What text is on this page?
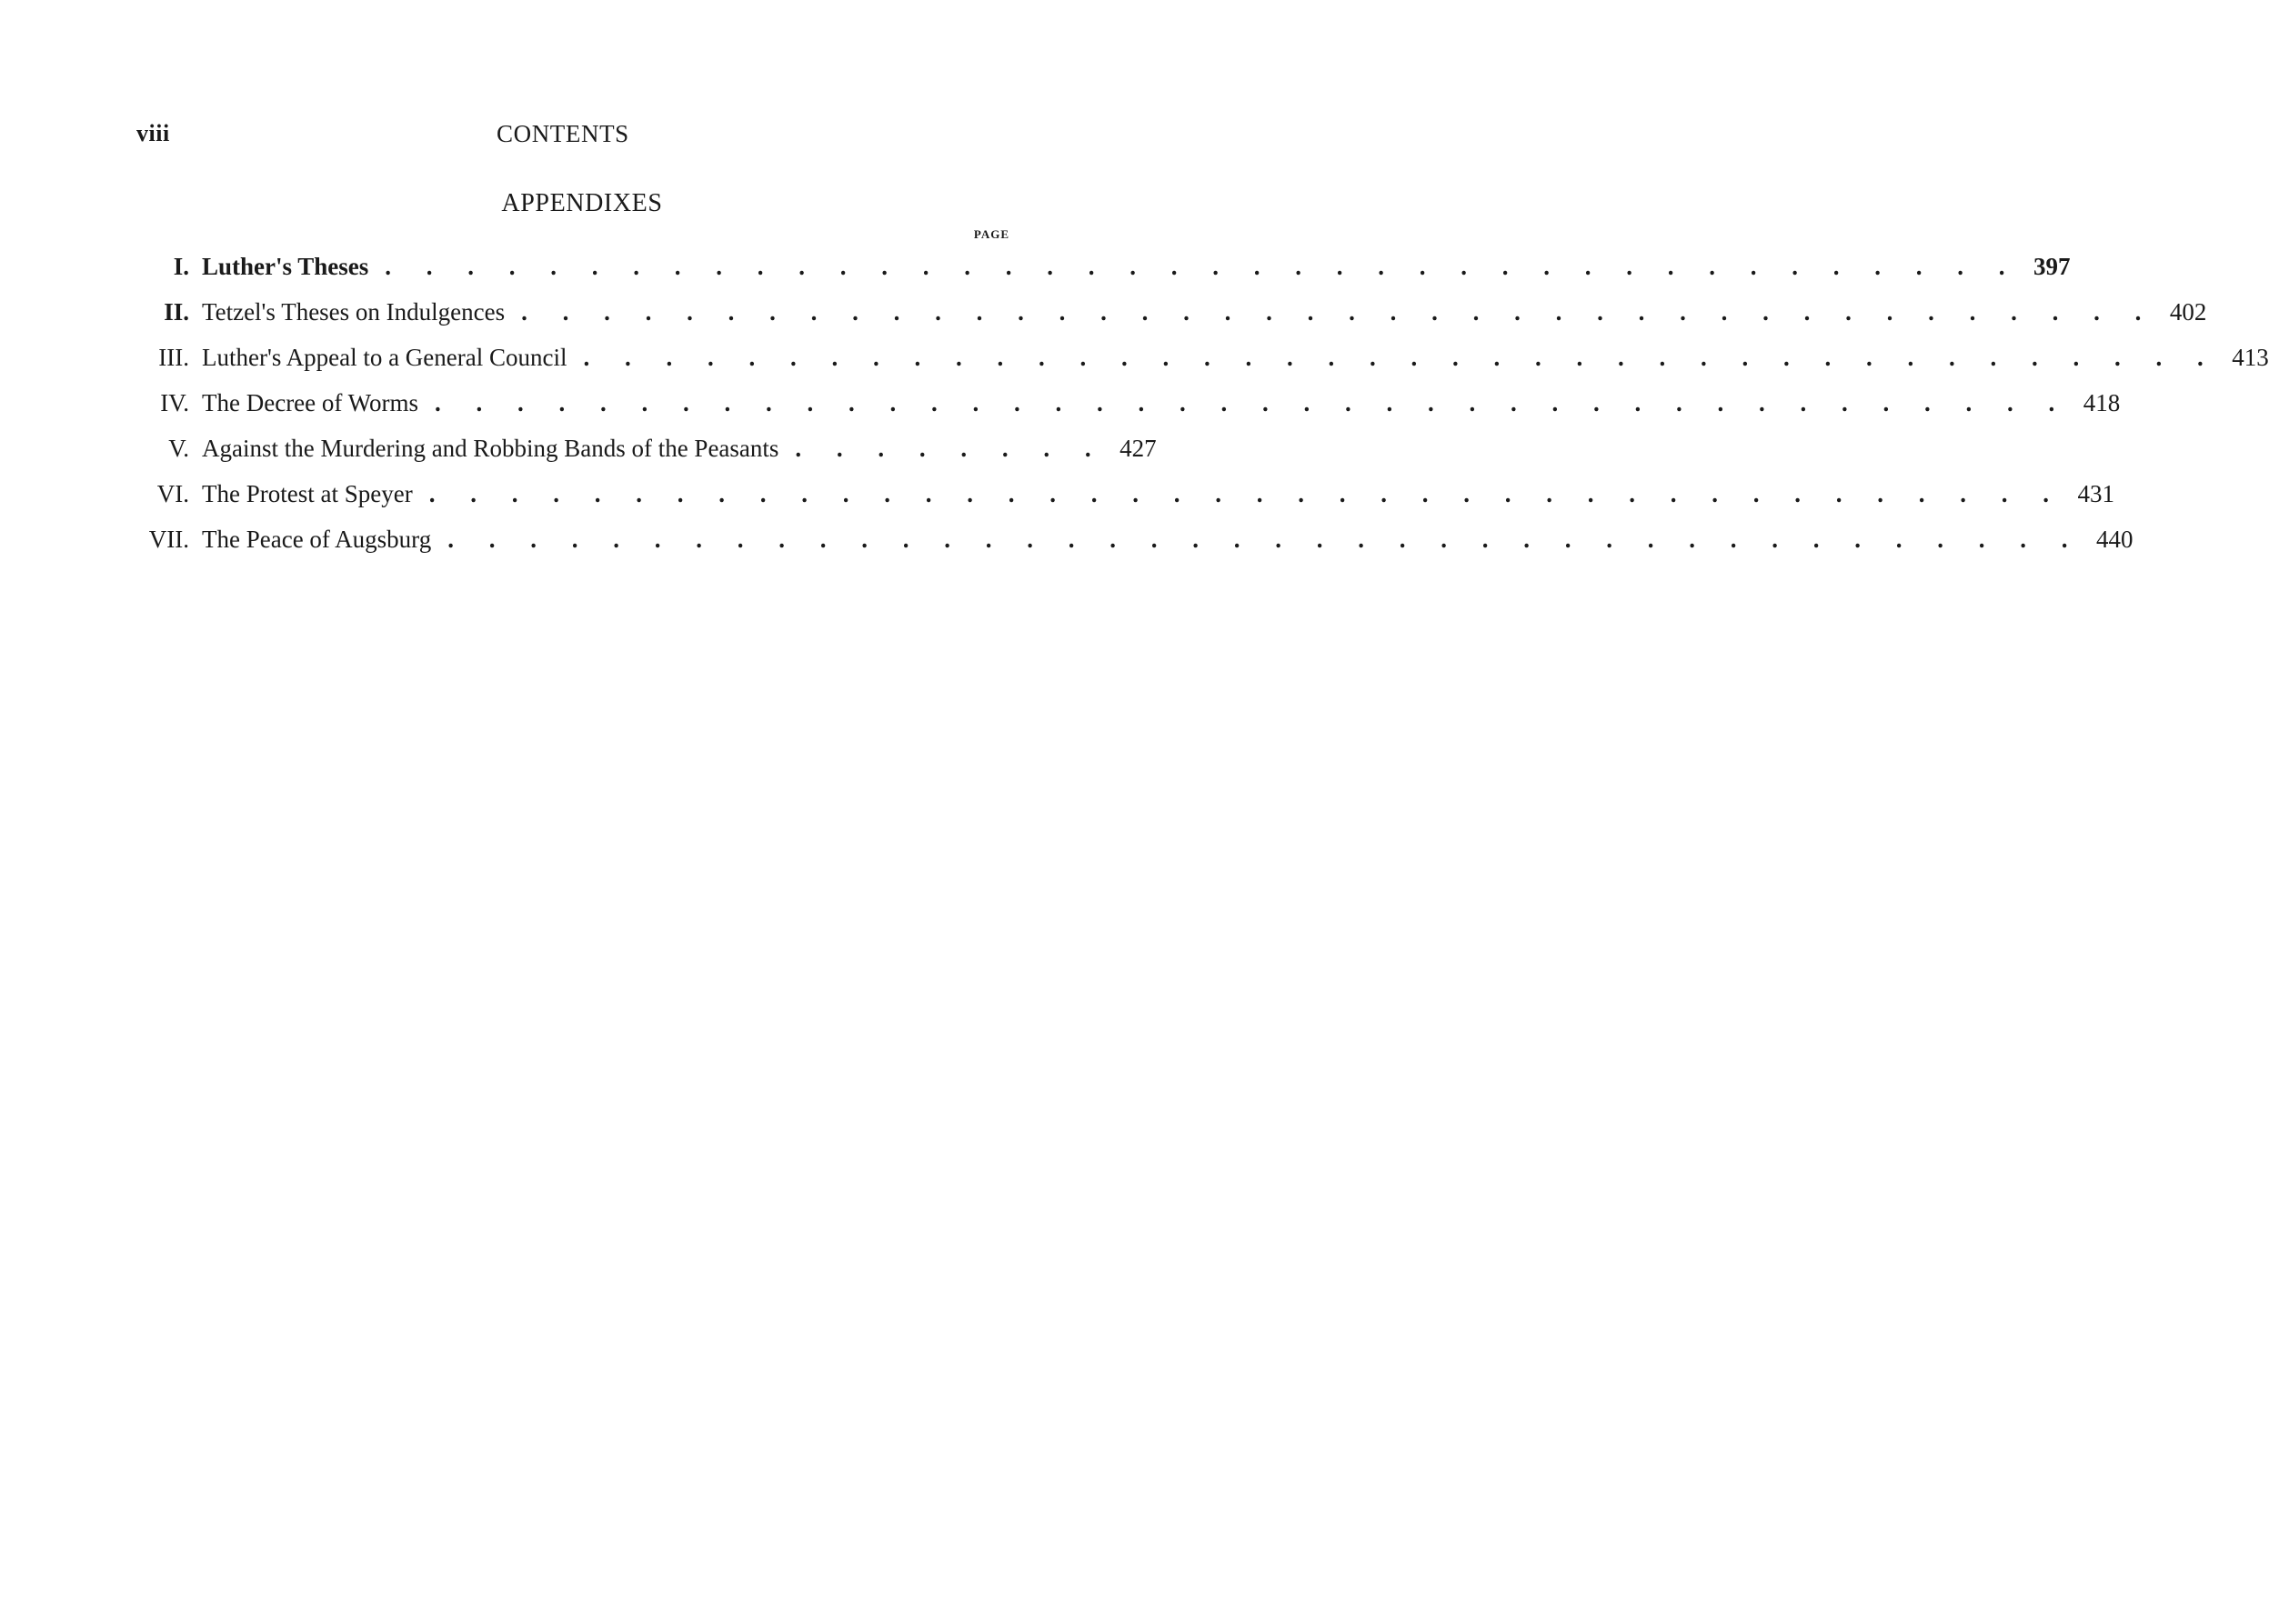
viii	CONTENTS
APPENDIXES
PAGE
I. Luther's Theses . . . . . . . . . . . . . . . . . . . . . . . . . . . . . . . . . . . . . . . . 397
II. Tetzel's Theses on Indulgences . . . . . . . . . . . . . . . . . . . . . . . . . . . . . . . . . . . . . . . . 402
III. Luther's Appeal to a General Council . . . . . . . . . . . . . . . . . . . . . . . . . . . . . . . . . . . . . . . . 413
IV. The Decree of Worms . . . . . . . . . . . . . . . . . . . . . . . . . . . . . . . . . . . . . . . . 418
V. Against the Murdering and Robbing Bands of the Peasants . . . . . . . . 427
VI. The Protest at Speyer . . . . . . . . . . . . . . . . . . . . . . . . . . . . . . . . . . . . . . . . 431
VII. The Peace of Augsburg . . . . . . . . . . . . . . . . . . . . . . . . . . . . . . . . . . . . . . . . 440
